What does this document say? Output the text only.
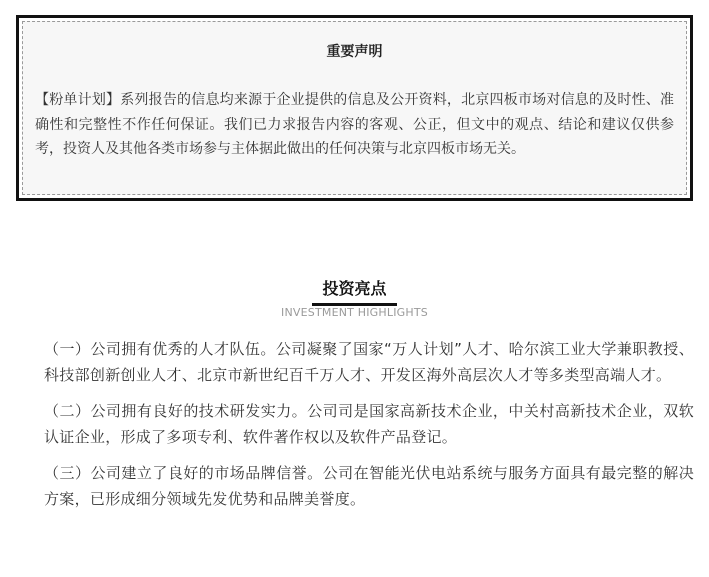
重要声明

【粉单计划】系列报告的信息均来源于企业提供的信息及公开资料，北京四板市场对信息的及时性、准确性和完整性不作任何保证。我们已力求报告内容的客观、公正，但文中的观点、结论和建议仅供参考，投资人及其他各类市场参与主体据此做出的任何决策与北京四板市场无关。

投资亮点

INVESTMENT HIGHLIGHTS

（一）公司拥有优秀的人才队伍。公司凝聚了国家“万人计划”人才、哈尔滨工业大学兼职教授、科技部创新创业人才、北京市新世纪百千万人才、开发区海外高层次人才等多类型高端人才。
（二）公司拥有良好的技术研发实力。公司司是国家高新技术企业，中关村高新技术企业，双软认证企业，形成了多项专利、软件著作权以及软件产品登记。
（三）公司建立了良好的市场品牌信誉。公司在智能光伏电站系统与服务方面具有最完整的解决方案，已形成细分领域先发优势和品牌美誉度。
